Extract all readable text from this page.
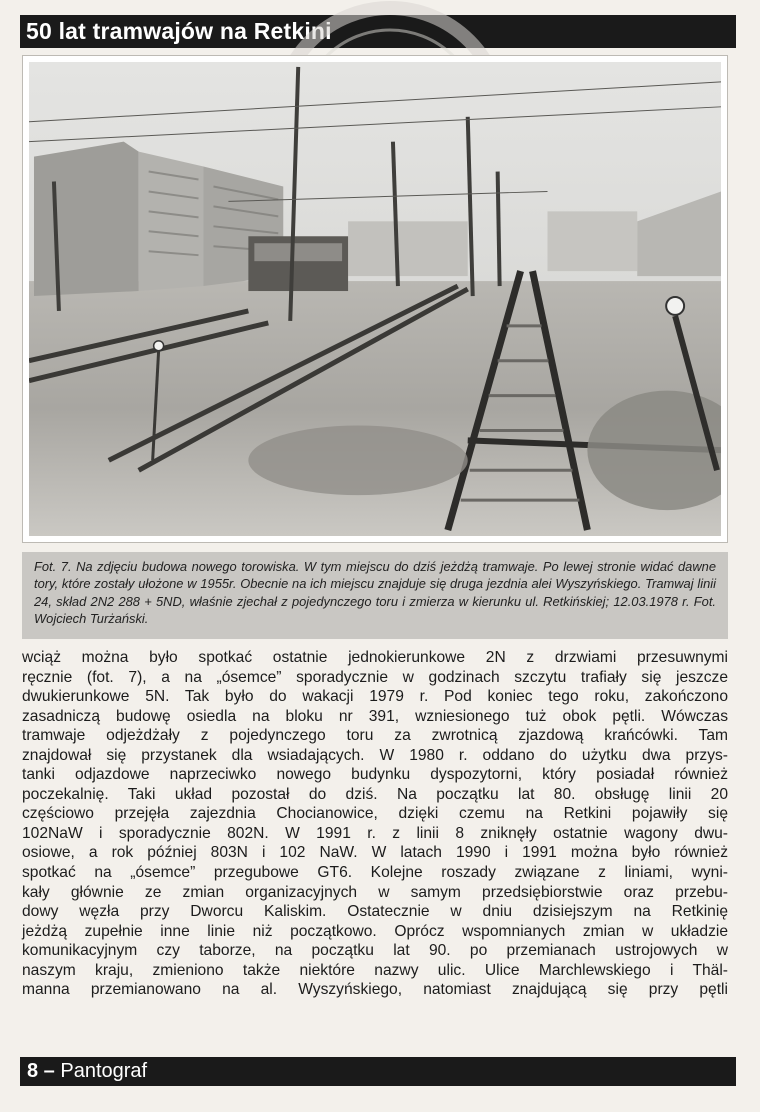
50 lat tramwajów na Retkini
Fot. 7. Na zdjęciu budowa nowego torowiska. W tym miejscu do dziś jeżdżą tramwaje. Po lewej stronie widać dawne tory, które zostały ułożone w 1955r. Obecnie na ich miejscu znajduje się druga jezdnia alei Wyszyńskiego. Tramwaj linii 24, skład 2N2 288 + 5ND, właśnie zjechał z pojedynczego toru i zmierza w kierunku ul. Retkińskiej; 12.03.1978 r. Fot. Wojciech Turżański.
wciąż można było spotkać ostatnie jednokierunkowe 2N z drzwiami przesuwnymi
ręcznie (fot. 7), a na „ósemce” sporadycznie w godzinach szczytu trafiały się jeszcze
dwukierunkowe 5N. Tak było do wakacji 1979 r. Pod koniec tego roku, zakończono
zasadniczą budowę osiedla na bloku nr 391, wzniesionego tuż obok pętli. Wówczas
tramwaje odjeżdżały z pojedynczego toru za zwrotnicą zjazdową krańcówki. Tam
znajdował się przystanek dla wsiadających. W 1980 r. oddano do użytku dwa przys-
tanki odjazdowe naprzeciwko nowego budynku dyspozytorni, który posiadał również
poczekalnię. Taki układ pozostał do dziś. Na początku lat 80. obsługę linii 20
częściowo przejęła zajezdnia Chocianowice, dzięki czemu na Retkini pojawiły się
102NaW i sporadycznie 802N. W 1991 r. z linii 8 zniknęły ostatnie wagony dwu-
osiowe, a rok później 803N i 102 NaW. W latach 1990 i 1991 można było również
spotkać na „ósemce” przegubowe GT6. Kolejne roszady związane z liniami, wyni-
kały głównie ze zmian organizacyjnych w samym przedsiębiorstwie oraz przebu-
dowy węzła przy Dworcu Kaliskim. Ostatecznie w dniu dzisiejszym na Retkinię
jeżdżą zupełnie inne linie niż początkowo. Oprócz wspomnianych zmian w układzie
komunikacyjnym czy taborze, na początku lat 90. po przemianach ustrojowych w
naszym kraju, zmieniono także niektóre nazwy ulic. Ulice Marchlewskiego i Thäl-
manna przemianowano na al. Wyszyńskiego, natomiast znajdującą się przy pętli
8 – Pantograf
